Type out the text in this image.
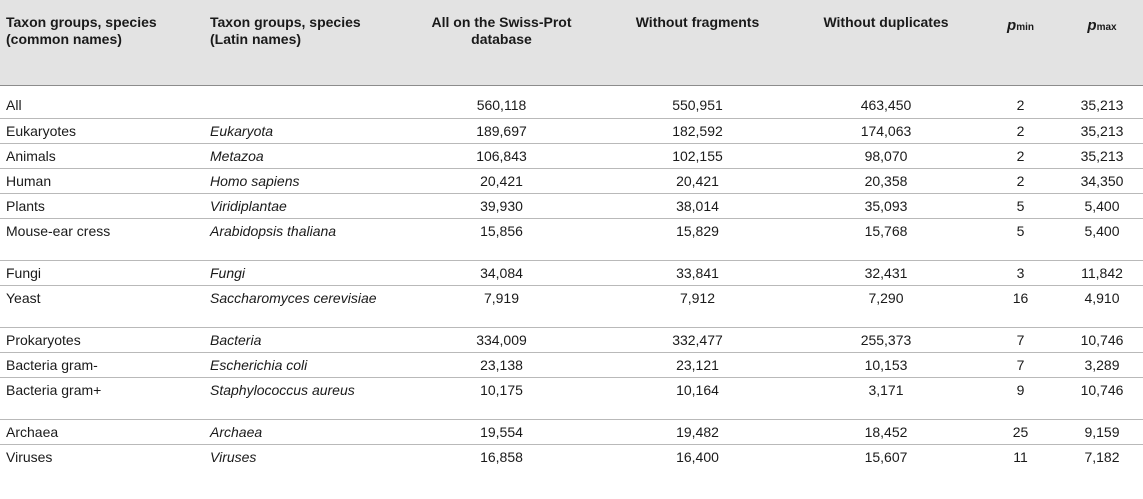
Taxon groups, species (common names)	Taxon groups, species (Latin names)	All on the Swiss-Prot database	Without fragments	Without duplicates	pmin	pmax
All		560,118	550,951	463,450	2	35,213
Eukaryotes	Eukaryota	189,697	182,592	174,063	2	35,213
Animals	Metazoa	106,843	102,155	98,070	2	35,213
Human	Homo sapiens	20,421	20,421	20,358	2	34,350
Plants	Viridiplantae	39,930	38,014	35,093	5	5,400
Mouse-ear cress	Arabidopsis thaliana	15,856	15,829	15,768	5	5,400
Fungi	Fungi	34,084	33,841	32,431	3	11,842
Yeast	Saccharomyces cerevisiae	7,919	7,912	7,290	16	4,910
Prokaryotes	Bacteria	334,009	332,477	255,373	7	10,746
Bacteria gram-	Escherichia coli	23,138	23,121	10,153	7	3,289
Bacteria gram+	Staphylococcus aureus	10,175	10,164	3,171	9	10,746
Archaea	Archaea	19,554	19,482	18,452	25	9,159
Viruses	Viruses	16,858	16,400	15,607	11	7,182
